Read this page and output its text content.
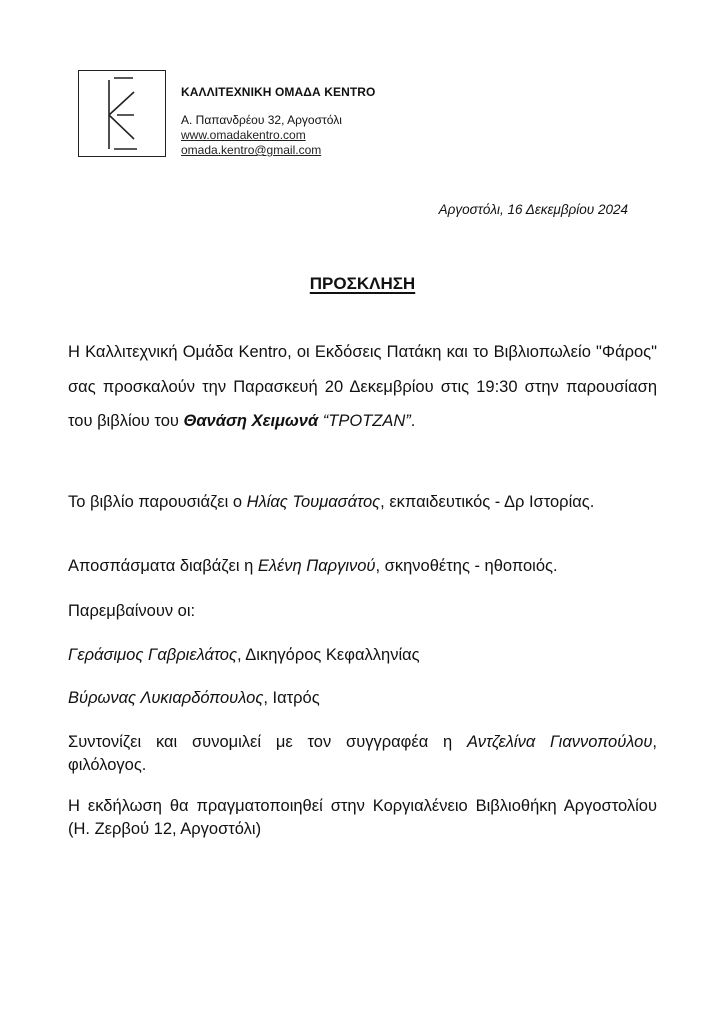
ΚΑΛΛΙΤΕΧΝΙΚΗ ΟΜΑΔΑ KENTRO
Α. Παπανδρέου 32, Αργοστόλι
www.omadakentro.com
omada.kentro@gmail.com
Αργοστόλι, 16 Δεκεμβρίου 2024
ΠΡΟΣΚΛΗΣΗ
Η Καλλιτεχνική Ομάδα Kentro, οι Εκδόσεις Πατάκη και το Βιβλιοπωλείο "Φάρος" σας προσκαλούν την Παρασκευή 20 Δεκεμβρίου στις 19:30 στην παρουσίαση του βιβλίου του Θανάση Χειμωνά “ΤΡΟΤΖΑΝ”.
Το βιβλίο παρουσιάζει ο Ηλίας Τουμασάτος, εκπαιδευτικός - Δρ Ιστορίας.
Αποσπάσματα διαβάζει η Ελένη Παργινού, σκηνοθέτης - ηθοποιός.
Παρεμβαίνουν οι:
Γεράσιμος Γαβριελάτος, Δικηγόρος Κεφαλληνίας
Βύρωνας Λυκιαρδόπουλος, Ιατρός
Συντονίζει και συνομιλεί με τον συγγραφέα η Αντζελίνα Γιαννοπούλου, φιλόλογος.
Η εκδήλωση θα πραγματοποιηθεί στην Κοργιαλένειο Βιβλιοθήκη Αργοστολίου (Η. Ζερβού 12, Αργοστόλι)
